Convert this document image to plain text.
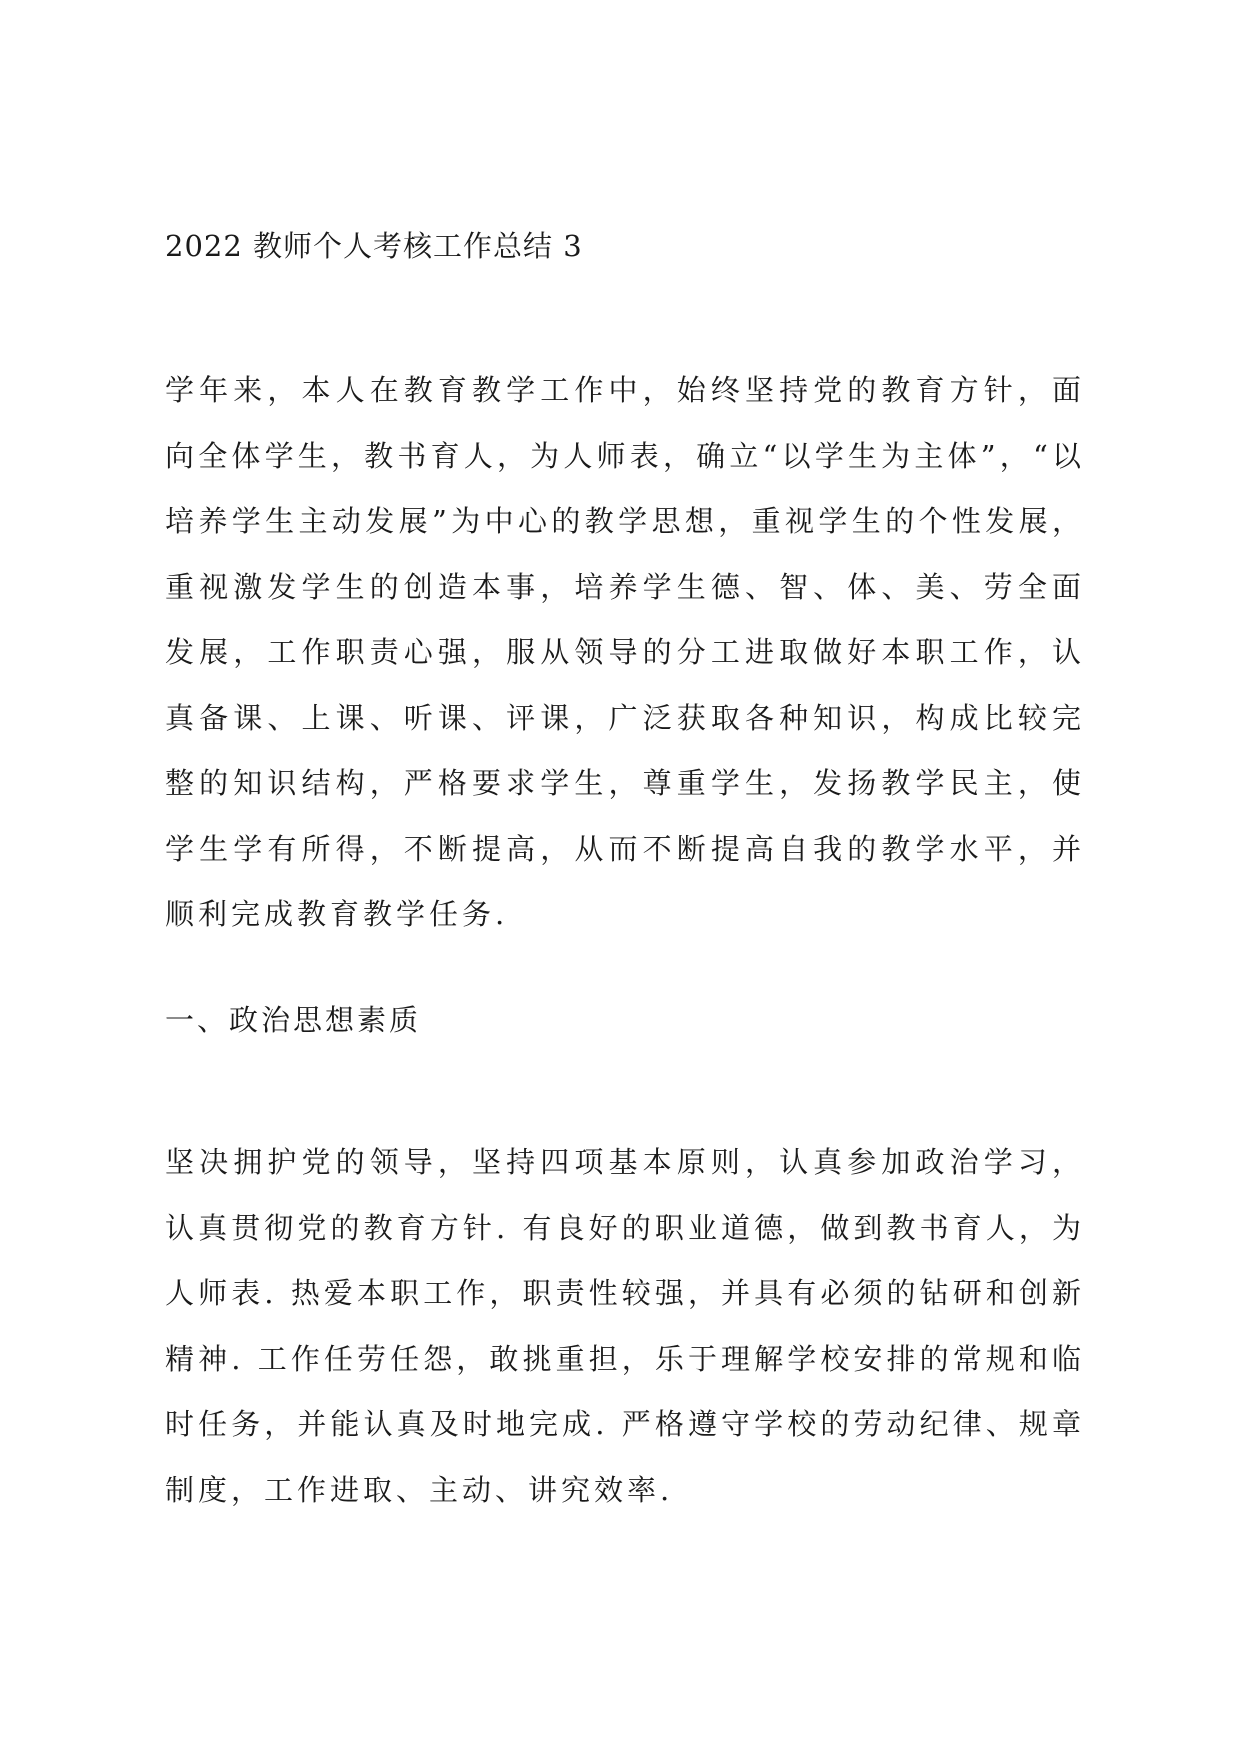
2022 教师个人考核工作总结 3

学年来，本人在教育教学工作中，始终坚持党的教育方针，面向全体学生，教书育人，为人师表，确立“以学生为主体”，“以培养学生主动发展”为中心的教学思想，重视学生的个性发展，重视激发学生的创造本事，培养学生德、智、体、美、劳全面发展，工作职责心强，服从领导的分工进取做好本职工作，认真备课、上课、听课、评课，广泛获取各种知识，构成比较完整的知识结构，严格要求学生，尊重学生，发扬教学民主，使学生学有所得，不断提高，从而不断提高自我的教学水平，并顺利完成教育教学任务.

一、政治思想素质

坚决拥护党的领导，坚持四项基本原则，认真参加政治学习，认真贯彻党的教育方针. 有良好的职业道德，做到教书育人，为人师表. 热爱本职工作，职责性较强，并具有必须的钻研和创新精神. 工作任劳任怨，敢挑重担，乐于理解学校安排的常规和临时任务，并能认真及时地完成. 严格遵守学校的劳动纪律、规章制度，工作进取、主动、讲究效率.
